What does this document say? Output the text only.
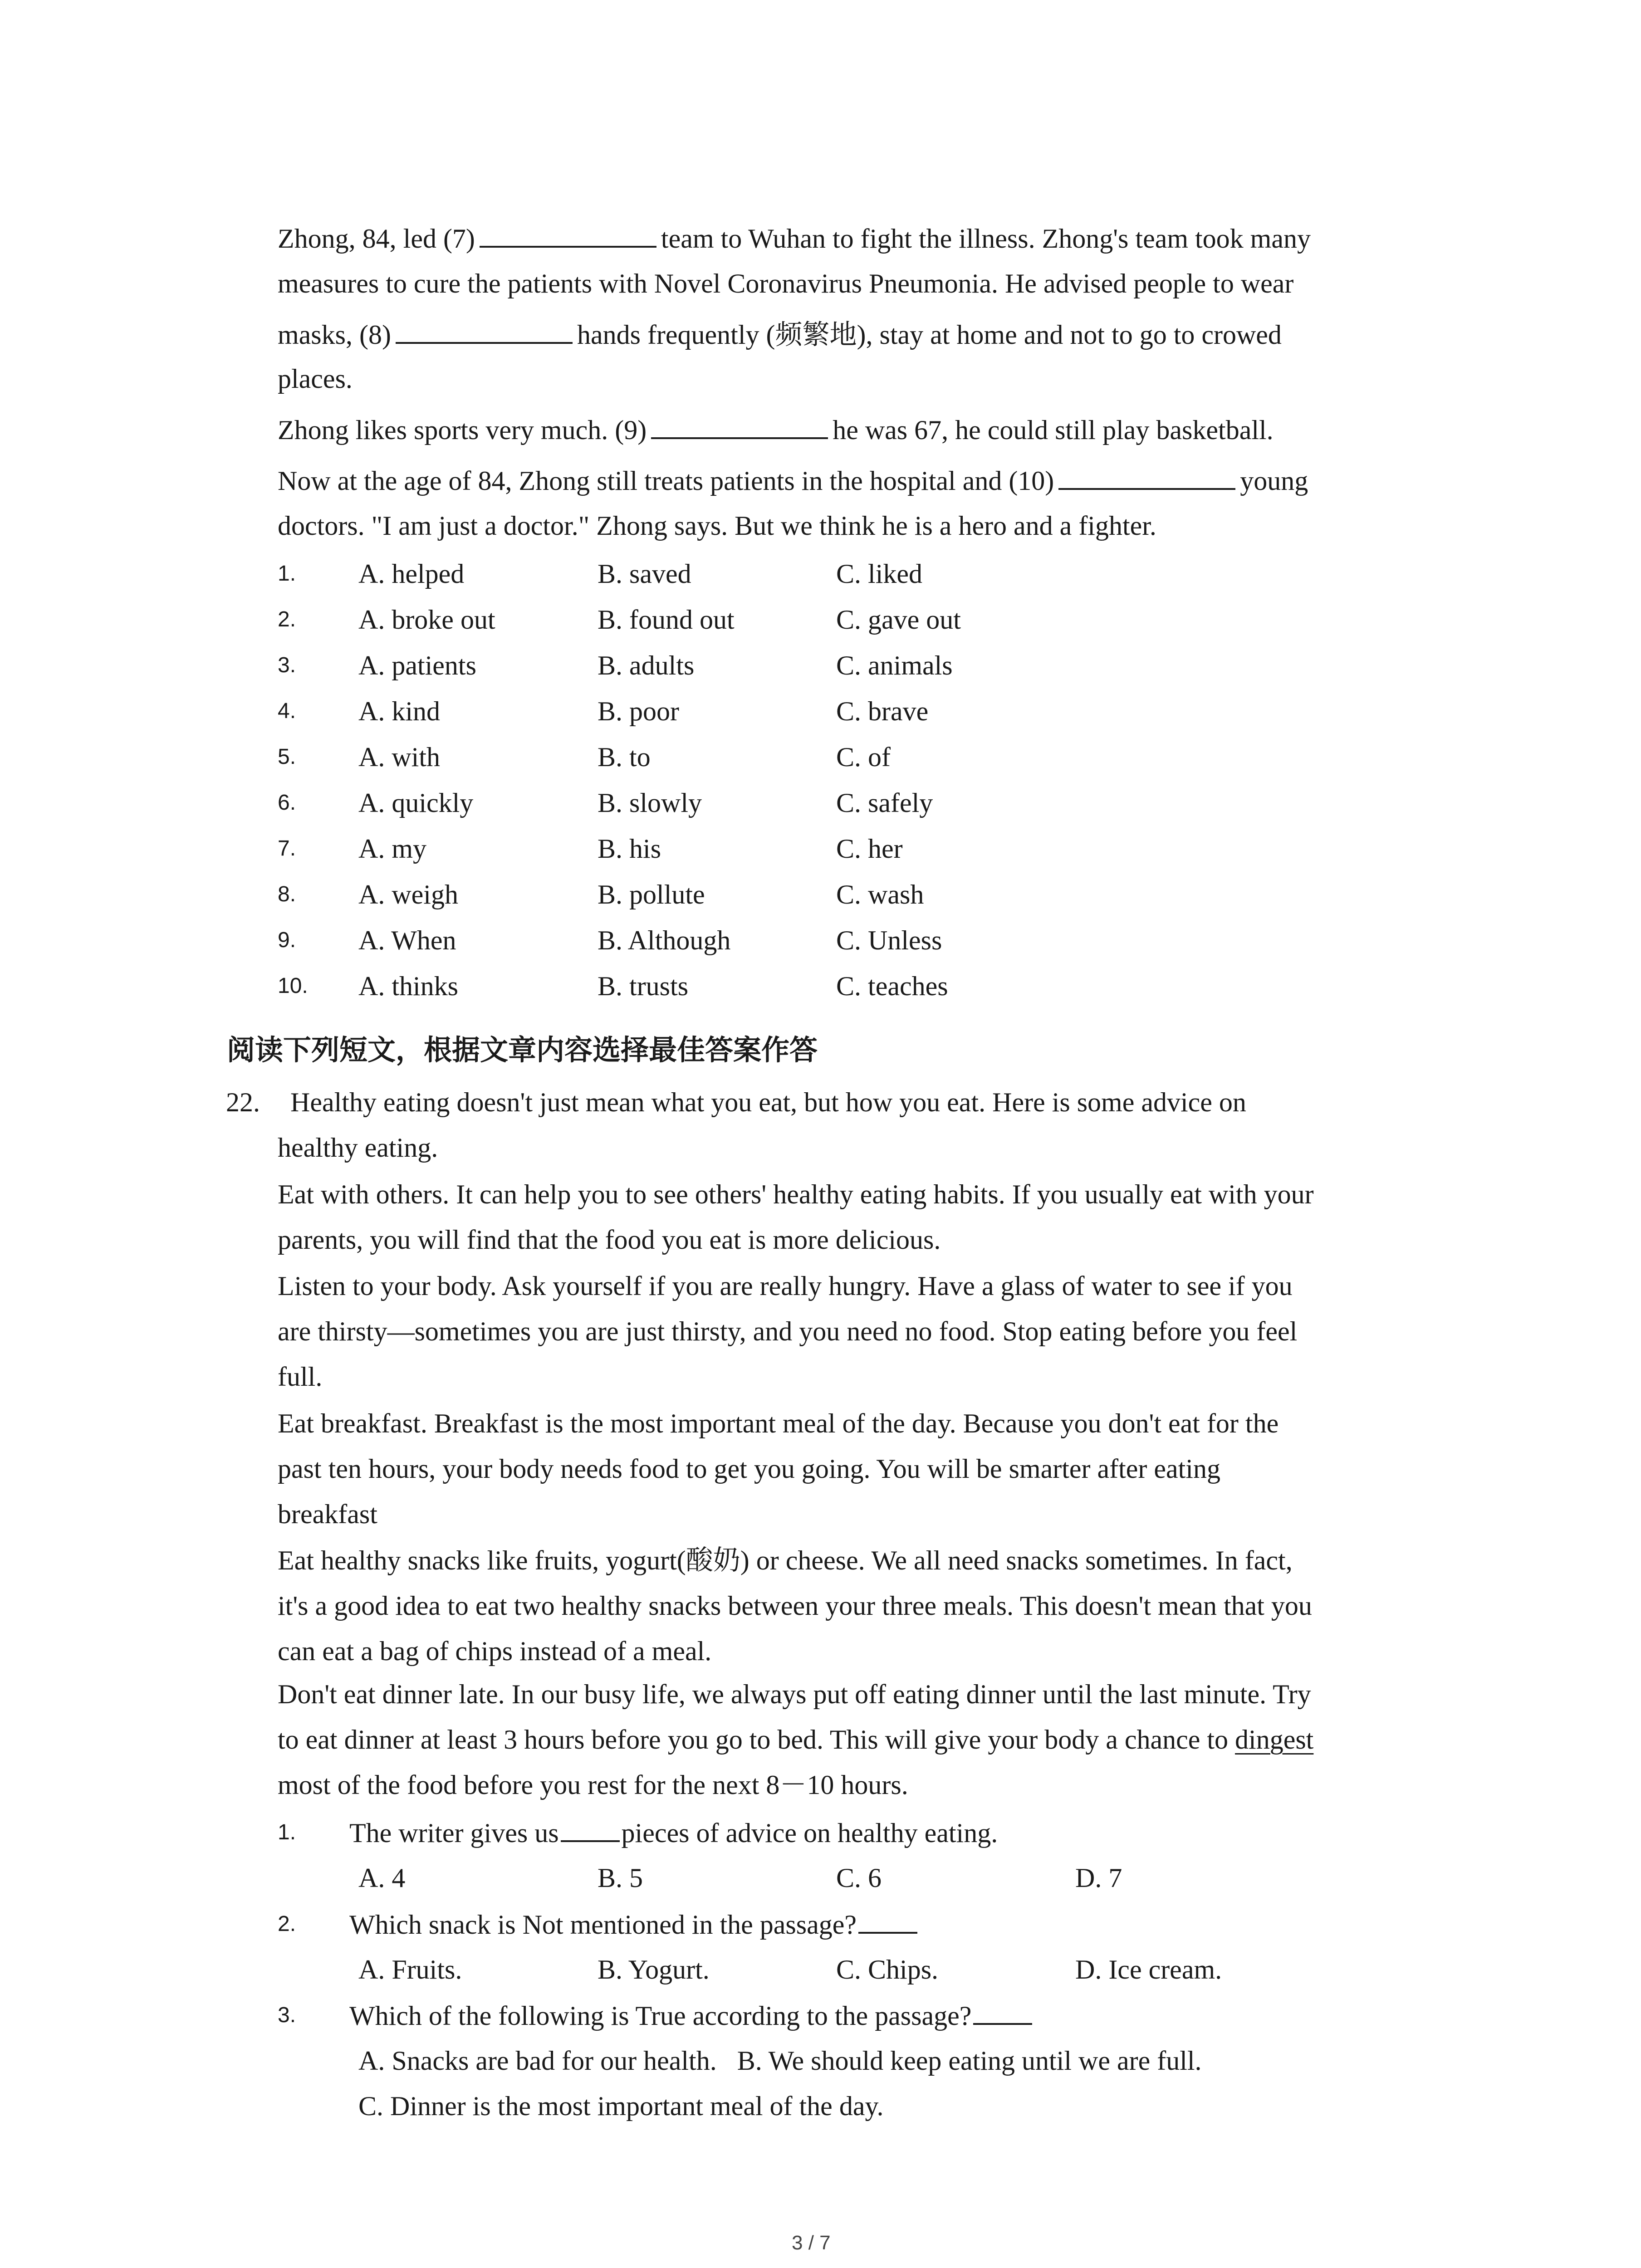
Zhong, 84, led (7)	team to Wuhan to fight the illness. Zhong's team took many
measures to cure the patients with Novel Coronavirus Pneumonia. He advised people to wear
masks, (8)	hands frequently (频繁地), stay at home and not to go to crowed
places.
Zhong likes sports very much. (9)	he was 67, he could still play basketball.
Now at the age of 84, Zhong still treats patients in the hospital and (10)	young
doctors. "I am just a doctor." Zhong says. But we think he is a hero and a fighter.
1. A. helped	B. saved	C. liked
2. A. broke out	B. found out	C. gave out
3. A. patients	B. adults	C. animals
4. A. kind	B. poor	C. brave
5. A. with	B. to	C. of
6. A. quickly	B. slowly	C. safely
7. A. my	B. his	C. her
8. A. weigh	B. pollute	C. wash
9. A. When	B. Although	C. Unless
10. A. thinks	B. trusts	C. teaches
阅读下列短文，根据文章内容选择最佳答案作答
22. Healthy eating doesn't just mean what you eat, but how you eat. Here is some advice on
healthy eating.
Eat with others. It can help you to see others' healthy eating habits. If you usually eat with your
parents, you will find that the food you eat is more delicious.
Listen to your body. Ask yourself if you are really hungry. Have a glass of water to see if you
are thirsty—sometimes you are just thirsty, and you need no food. Stop eating before you feel
full.
Eat breakfast. Breakfast is the most important meal of the day. Because you don't eat for the
past ten hours, your body needs food to get you going. You will be smarter after eating
breakfast
Eat healthy snacks like fruits, yogurt(酸奶) or cheese. We all need snacks sometimes. In fact,
it's a good idea to eat two healthy snacks between your three meals. This doesn't mean that you
can eat a bag of chips instead of a meal.
Don't eat dinner late. In our busy life, we always put off eating dinner until the last minute. Try
to eat dinner at least 3 hours before you go to bed. This will give your body a chance to dingest
most of the food before you rest for the next 8－10 hours.
1. The writer gives us pieces of advice on healthy eating.
A. 4	B. 5	C. 6	D. 7
2. Which snack is Not mentioned in the passage?
A. Fruits.	B. Yogurt.	C. Chips.	D. Ice cream.
3. Which of the following is True according to the passage?
A. Snacks are bad for our health.   B. We should keep eating until we are full.
C. Dinner is the most important meal of the day.
3 / 7
